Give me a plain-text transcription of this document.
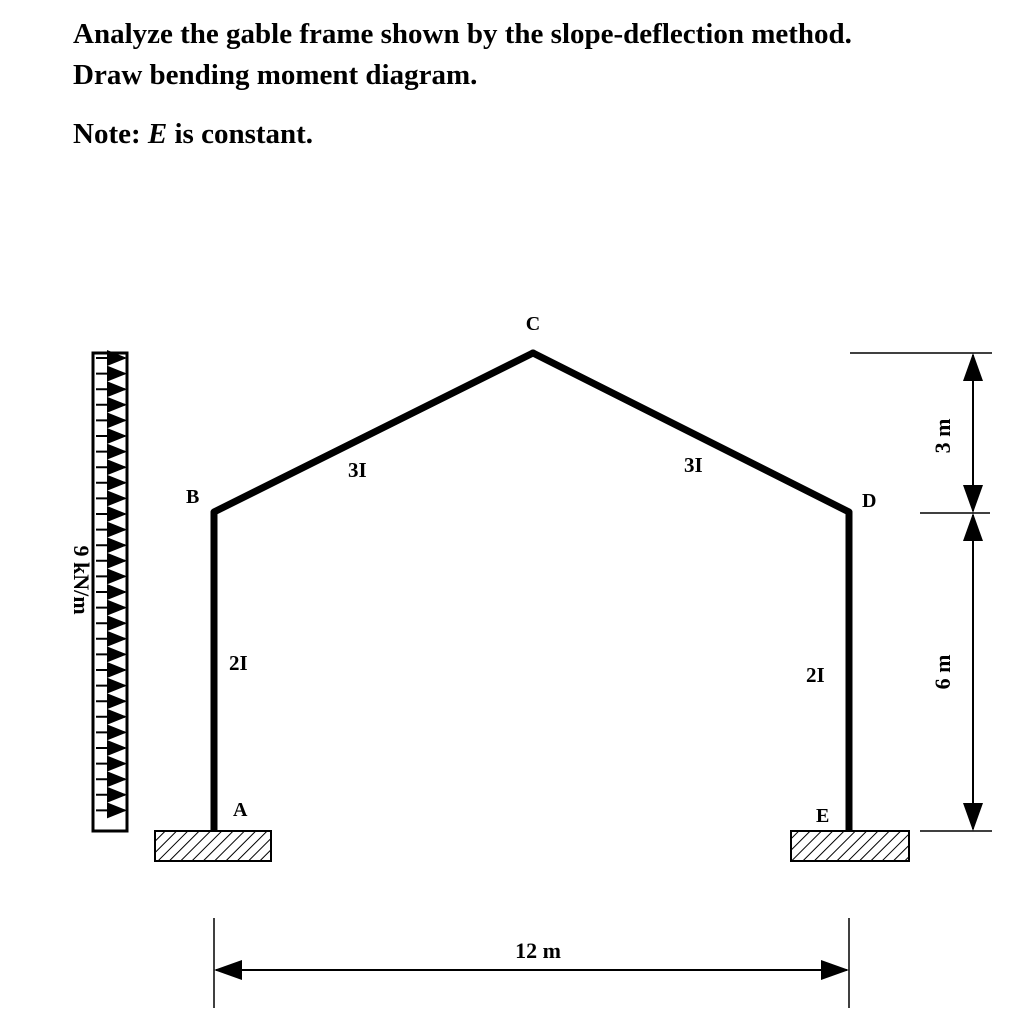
Analyze the gable frame shown by the slope-deflection method.
Draw bending moment diagram.
Note: E is constant.
C
B	D
A	E
3I	3I
2I	2I
9 kN/m
12 m
3 m
6 m
